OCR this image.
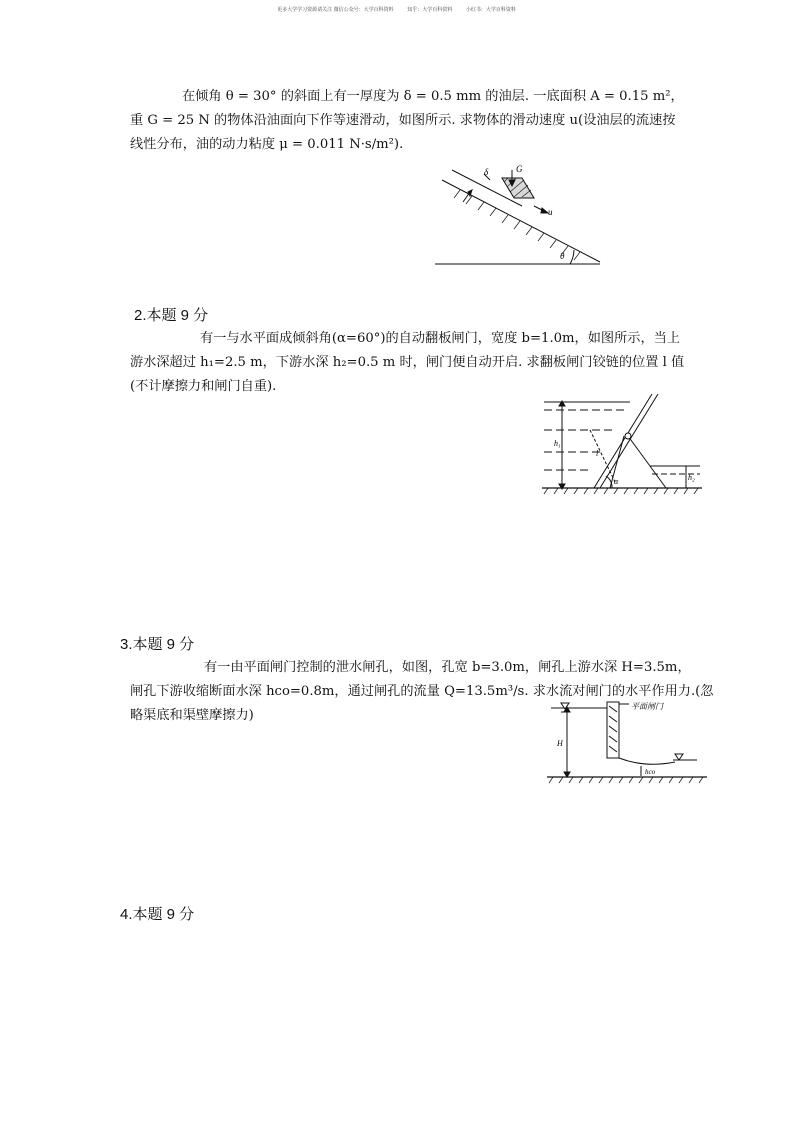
更多大学学习资源请关注 微信公众号：大学百科资料	知乎：大学百科资料	小红书：大学百科资料
在倾角 θ = 30° 的斜面上有一厚度为 δ = 0.5 mm 的油层. 一底面积 A = 0.15 m²，
重 G = 25 N 的物体沿油面向下作等速滑动，如图所示. 求物体的滑动速度 u(设油层的流速按
线性分布，油的动力粘度 μ = 0.011 N·s/m²).
δ	G
u
θ
2.本题 9 分
有一与水平面成倾斜角(α=60°)的自动翻板闸门，宽度 b=1.0m，如图所示，当上
游水深超过 h₁=2.5 m，下游水深 h₂=0.5 m 时，闸门便自动开启. 求翻板闸门铰链的位置 l 值
(不计摩擦力和闸门自重).
h₁
h₂
l
α
3.本题 9 分
有一由平面闸门控制的泄水闸孔，如图，孔宽 b=3.0m，闸孔上游水深 H=3.5m，
闸孔下游收缩断面水深 hco=0.8m，通过闸孔的流量 Q=13.5m³/s. 求水流对闸门的水平作用力.(忽
略渠底和渠壁摩擦力)
平面闸门
H
hco
4.本题 9 分
